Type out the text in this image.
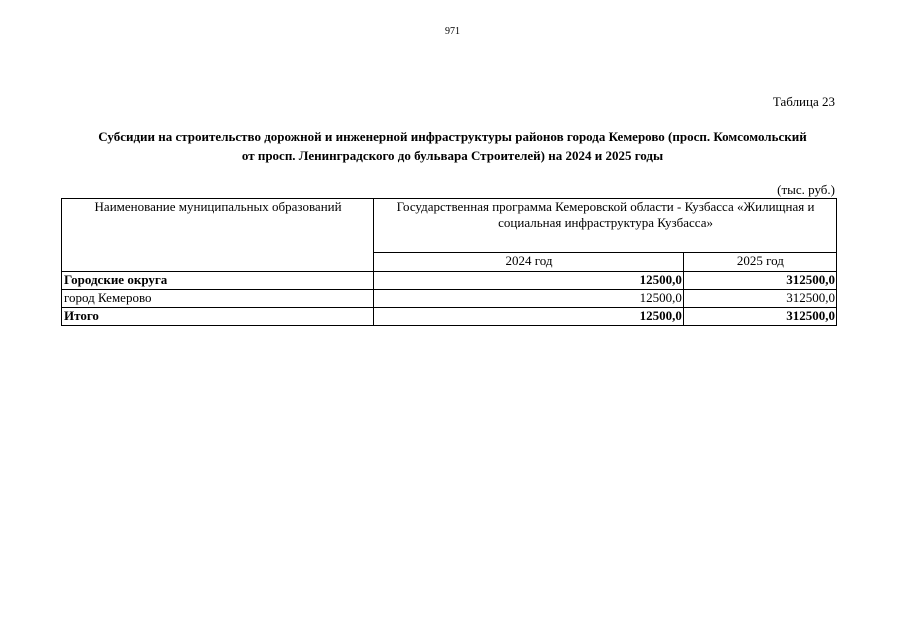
971
Таблица 23
Субсидии на строительство дорожной и инженерной инфраструктуры районов города Кемерово (просп. Комсомольский
от просп. Ленинградского до бульвара Строителей) на 2024 и 2025 годы
(тыс. руб.)
Наименование муниципальных образований	Государственная программа Кемеровской области - Кузбасса «Жилищная и социальная инфраструктура Кузбасса»	
	2024 год	2025 год
Городские округа	12500,0	312500,0
город Кемерово	12500,0	312500,0
Итого	12500,0	312500,0
